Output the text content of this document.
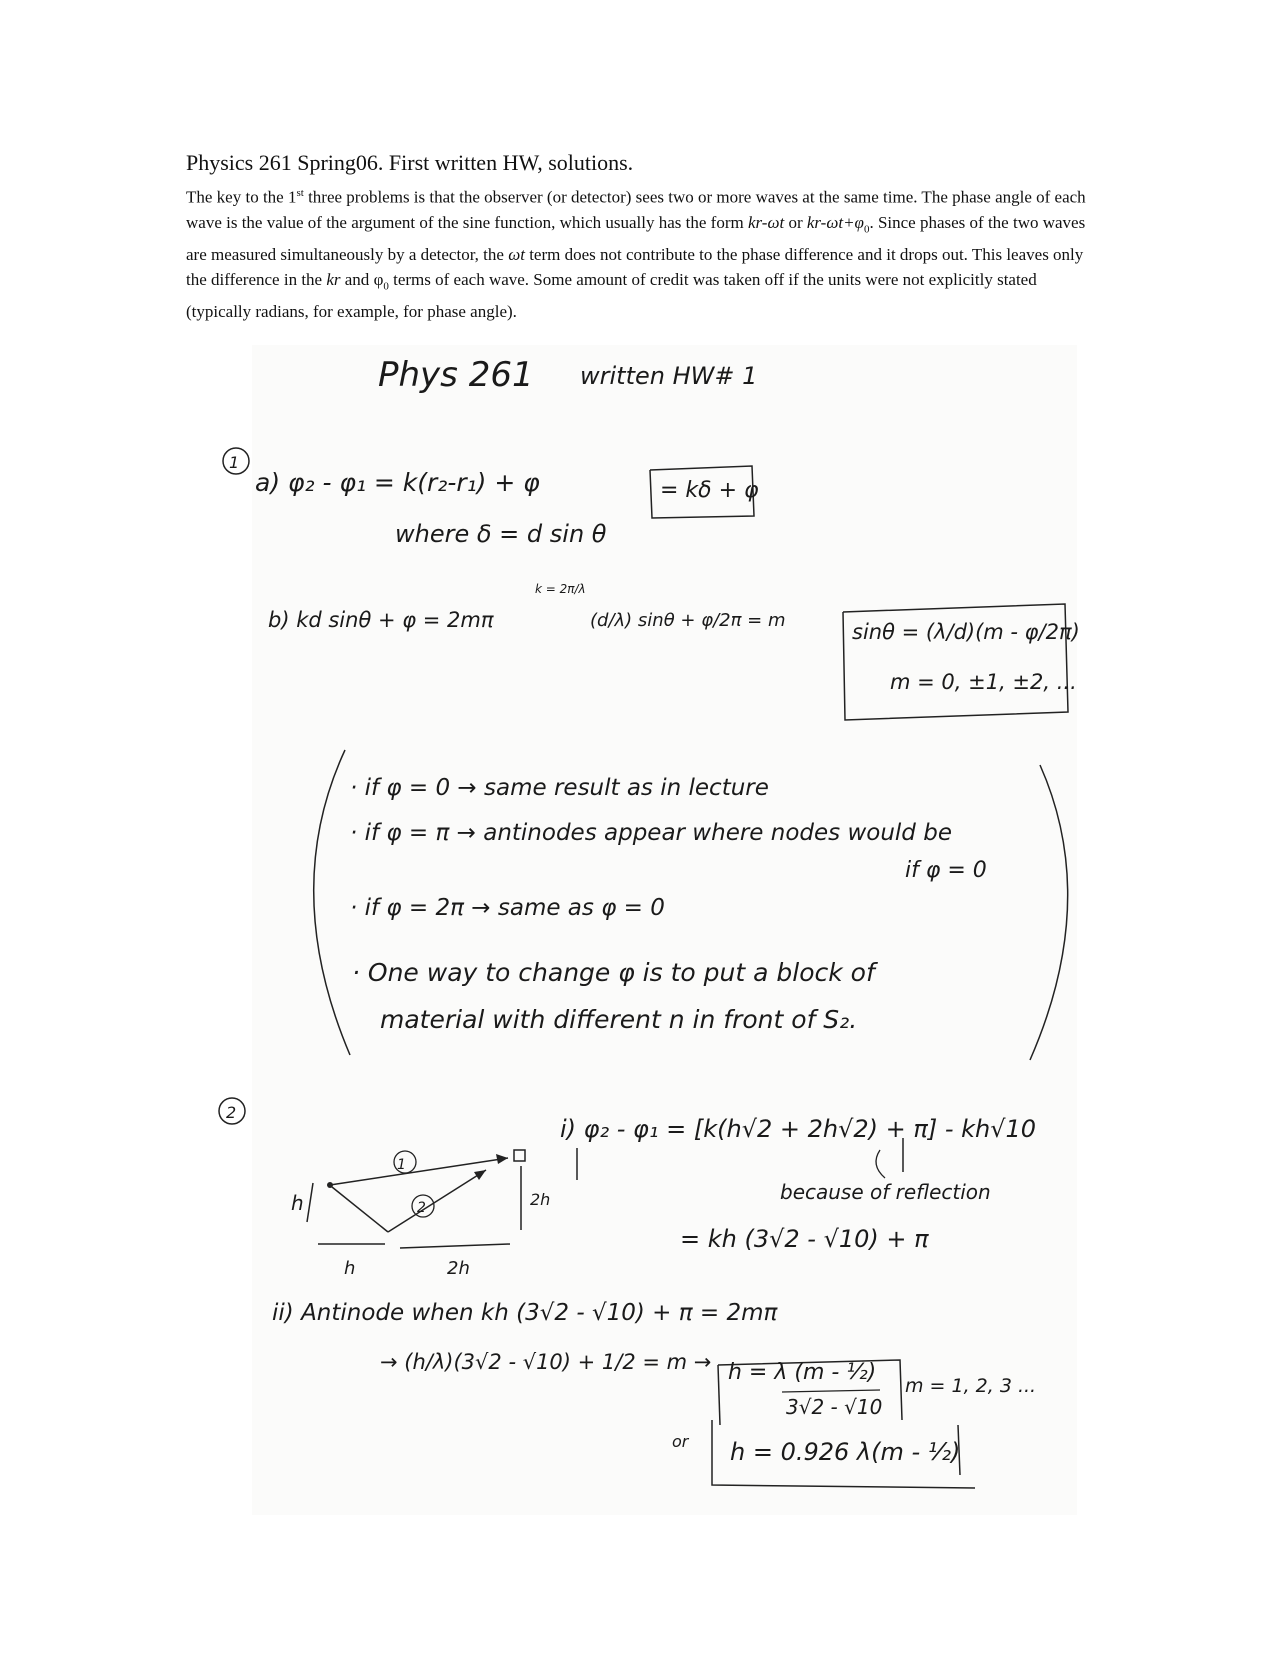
Physics 261 Spring06. First written HW, solutions.
The key to the 1st three problems is that the observer (or detector) sees two or more waves at the same time. The phase angle of each wave is the value of the argument of the sine function, which usually has the form kr-ωt or $kr-\omega t+\varphi_0$. Since phases of the two waves are measured simultaneously by a detector, the ωt term does not contribute to the phase difference and it drops out. This leaves only the difference in the kr and $\varphi_0$ terms of each wave. Some amount of credit was taken off if the units were not explicitly stated (typically radians, for example, for phase angle).
1
2
h	2h
h	2h
1
2
Phys 261 written HW# 1
a) φ₂ - φ₁ = k(r₂-r₁) + φ	= kδ + φ
where δ = d sin θ
k = 2π/λ
b) kd sinθ + φ = 2mπ	(d/λ) sinθ + φ/2π = m	sinθ = (λ/d)(m - φ/2π)
m = 0, ±1, ±2, ...
· if φ = 0 → same result as in lecture
· if φ = π → antinodes appear where nodes would be
if φ = 0
· if φ = 2π → same as φ = 0
· One way to change φ is to put a block of
material with different n in front of S₂.
i) φ₂ - φ₁ = [k(h√2 + 2h√2) + π] - kh√10
because of reflection
= kh (3√2 - √10) + π
ii) Antinode when kh (3√2 - √10) + π = 2mπ
→ (h/λ)(3√2 - √10) + 1/2 = m → h = λ (m - ½)
3√2 - √10
m = 1, 2, 3 ...
or h = 0.926 λ(m - ½)
